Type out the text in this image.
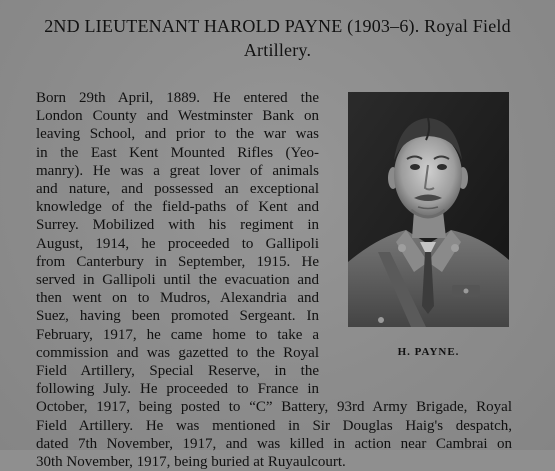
2ND LIEUTENANT HAROLD PAYNE (1903–6). Royal Field
Artillery.
H. PAYNE.
Born 29th April, 1889. He entered the
London County and Westminster Bank on
leaving School, and prior to the war was
in the East Kent Mounted Rifles (Yeo-
manry). He was a great lover of animals
and nature, and possessed an exceptional
knowledge of the field-paths of Kent and
Surrey. Mobilized with his regiment in
August, 1914, he proceeded to Gallipoli
from Canterbury in September, 1915. He
served in Gallipoli until the evacuation and
then went on to Mudros, Alexandria and
Suez, having been promoted Sergeant. In
February, 1917, he came home to take a
commission and was gazetted to the Royal
Field Artillery, Special Reserve, in the
following July. He proceeded to France in
October, 1917, being posted to “C” Battery, 93rd Army Brigade, Royal
Field Artillery. He was mentioned in Sir Douglas Haig's despatch,
dated 7th November, 1917, and was killed in action near Cambrai on
30th November, 1917, being buried at Ruyaulcourt.
